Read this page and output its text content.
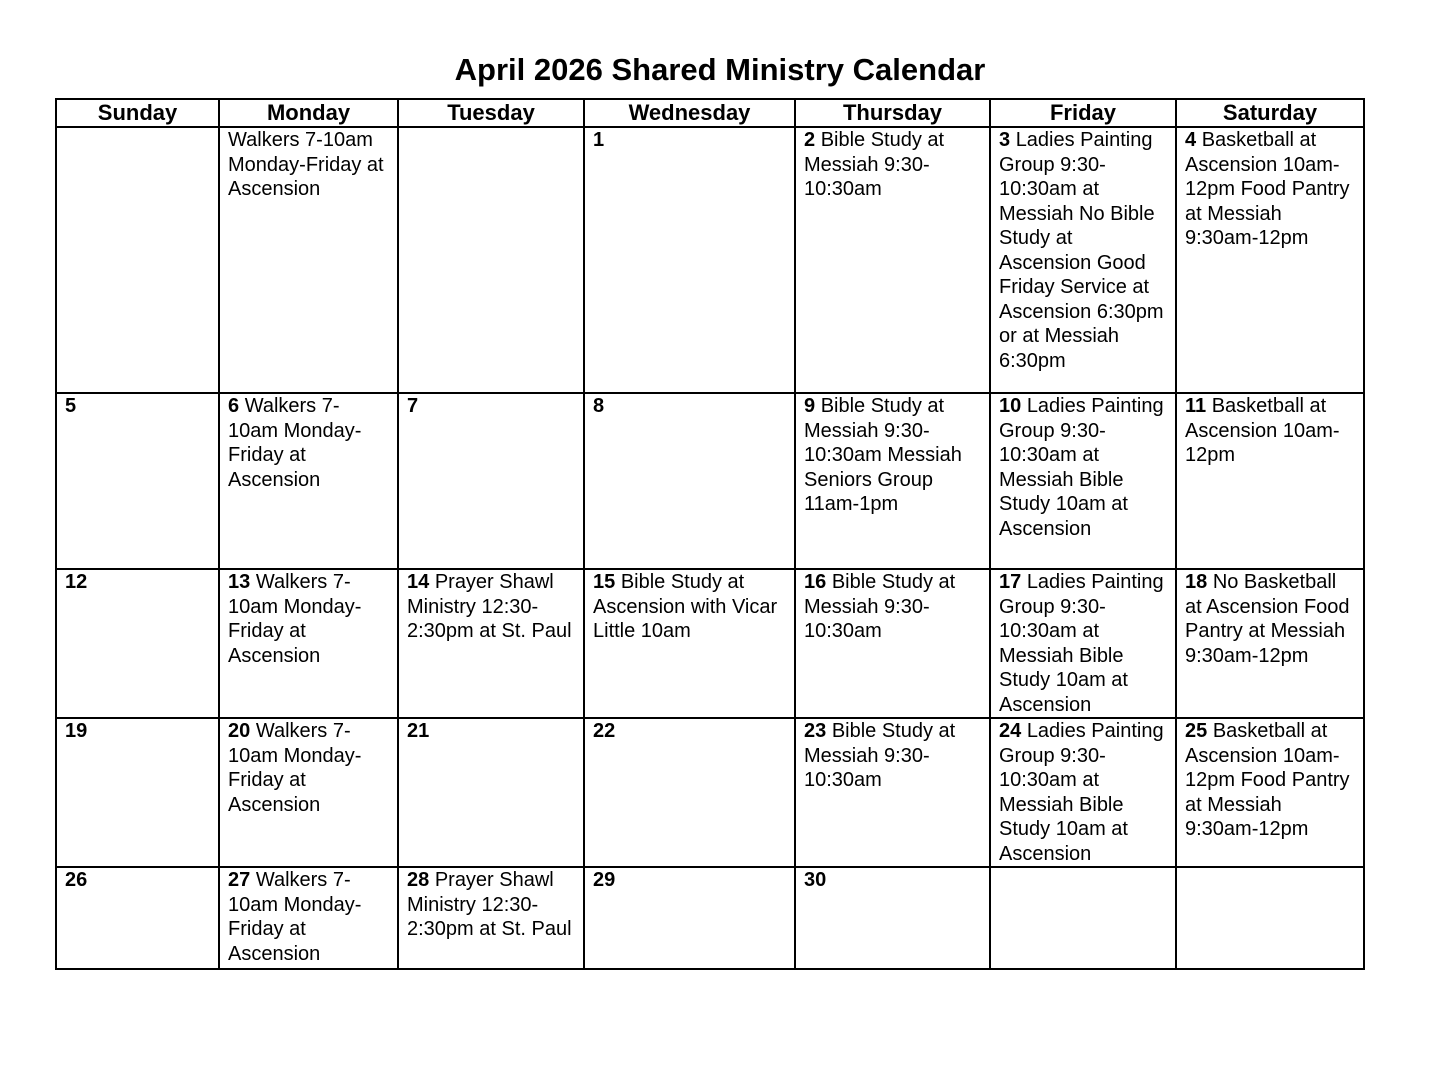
April 2026 Shared Ministry Calendar
Sunday	Monday	Tuesday	Wednesday	Thursday	Friday	Saturday
	Walkers 7-10am Monday-Friday at Ascension		1	2 Bible Study at Messiah 9:30-10:30am	3 Ladies Painting Group 9:30-10:30am at Messiah No Bible Study at Ascension Good Friday Service at Ascension 6:30pm or at Messiah 6:30pm	4 Basketball at Ascension 10am-12pm Food Pantry at Messiah 9:30am-12pm
5	6 Walkers 7-10am Monday-Friday at Ascension	7	8	9 Bible Study at Messiah 9:30-10:30am Messiah Seniors Group 11am-1pm	10 Ladies Painting Group 9:30-10:30am at Messiah Bible Study 10am at Ascension	11 Basketball at Ascension 10am-12pm
12	13 Walkers 7-10am Monday-Friday at Ascension	14 Prayer Shawl Ministry 12:30-2:30pm at St. Paul	15 Bible Study at Ascension with Vicar Little 10am	16 Bible Study at Messiah 9:30-10:30am	17 Ladies Painting Group 9:30-10:30am at Messiah Bible Study 10am at Ascension	18 No Basketball at Ascension Food Pantry at Messiah 9:30am-12pm
19	20 Walkers 7-10am Monday-Friday at Ascension	21	22	23 Bible Study at Messiah 9:30-10:30am	24 Ladies Painting Group 9:30-10:30am at Messiah Bible Study 10am at Ascension	25 Basketball at Ascension 10am-12pm Food Pantry at Messiah 9:30am-12pm
26	27 Walkers 7-10am Monday-Friday at Ascension	28 Prayer Shawl Ministry 12:30-2:30pm at St. Paul	29	30		
